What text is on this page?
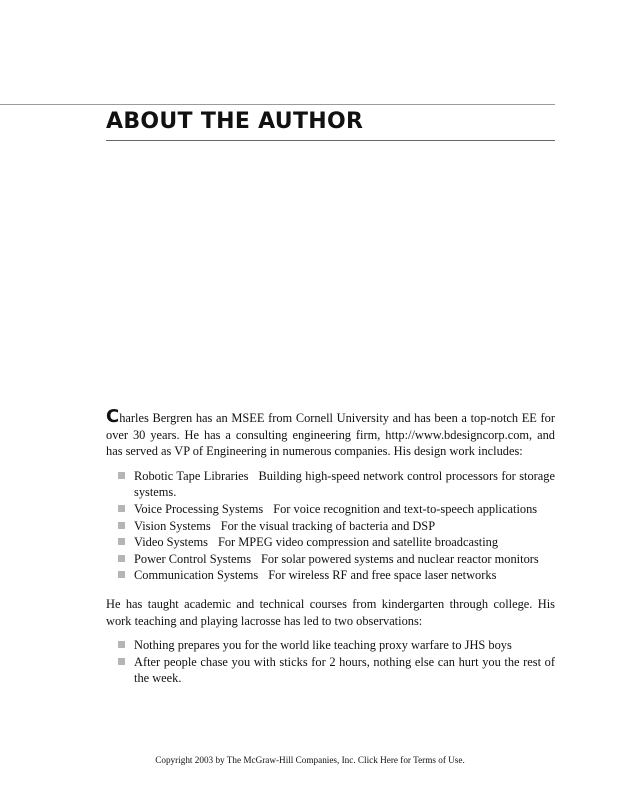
ABOUT THE AUTHOR

Charles Bergren has an MSEE from Cornell University and has been a top-notch EE for over 30 years. He has a consulting engineering firm, http://www.bdesigncorp.com, and has served as VP of Engineering in numerous companies. His design work includes:

Robotic Tape Libraries Building high-speed network control processors for storage systems.
Voice Processing Systems For voice recognition and text-to-speech applications
Vision Systems For the visual tracking of bacteria and DSP
Video Systems For MPEG video compression and satellite broadcasting
Power Control Systems For solar powered systems and nuclear reactor monitors
Communication Systems For wireless RF and free space laser networks

He has taught academic and technical courses from kindergarten through college. His work teaching and playing lacrosse has led to two observations:

Nothing prepares you for the world like teaching proxy warfare to JHS boys
After people chase you with sticks for 2 hours, nothing else can hurt you the rest of the week.
Copyright 2003 by The McGraw-Hill Companies, Inc. Click Here for Terms of Use.
